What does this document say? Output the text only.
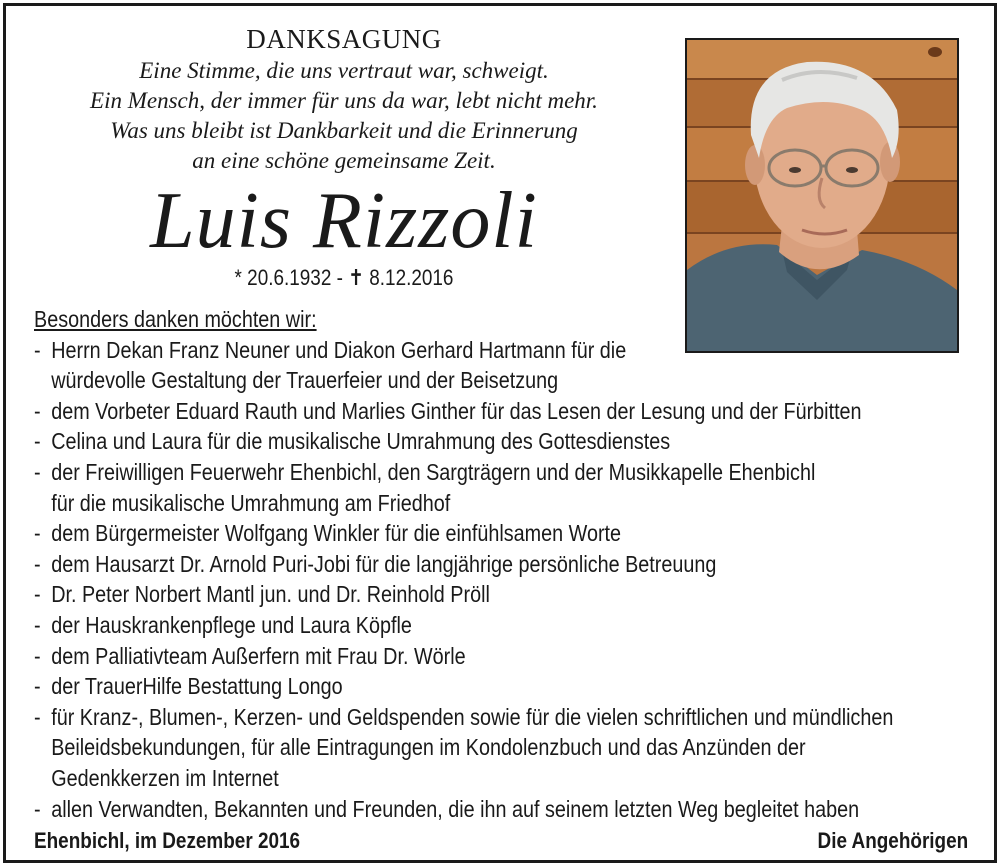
DANKSAGUNG
Eine Stimme, die uns vertraut war, schweigt.
Ein Mensch, der immer für uns da war, lebt nicht mehr.
Was uns bleibt ist Dankbarkeit und die Erinnerung
an eine schöne gemeinsame Zeit.
Luis Rizzoli
* 20.6.1932 - ✝ 8.12.2016
Besonders danken möchten wir:
- Herrn Dekan Franz Neuner und Diakon Gerhard Hartmann für die
würdevolle Gestaltung der Trauerfeier und der Beisetzung
- dem Vorbeter Eduard Rauth und Marlies Ginther für das Lesen der Lesung und der Fürbitten
- Celina und Laura für die musikalische Umrahmung des Gottesdienstes
- der Freiwilligen Feuerwehr Ehenbichl, den Sargträgern und der Musikkapelle Ehenbichl
für die musikalische Umrahmung am Friedhof
- dem Bürgermeister Wolfgang Winkler für die einfühlsamen Worte
- dem Hausarzt Dr. Arnold Puri-Jobi für die langjährige persönliche Betreuung
- Dr. Peter Norbert Mantl jun. und Dr. Reinhold Pröll
- der Hauskrankenpflege und Laura Köpfle
- dem Palliativteam Außerfern mit Frau Dr. Wörle
- der TrauerHilfe Bestattung Longo
- für Kranz-, Blumen-, Kerzen- und Geldspenden sowie für die vielen schriftlichen und mündlichen
Beileidsbekundungen, für alle Eintragungen im Kondolenzbuch und das Anzünden der
Gedenkkerzen im Internet
- allen Verwandten, Bekannten und Freunden, die ihn auf seinem letzten Weg begleitet haben
Ehenbichl, im Dezember 2016	Die Angehörigen
